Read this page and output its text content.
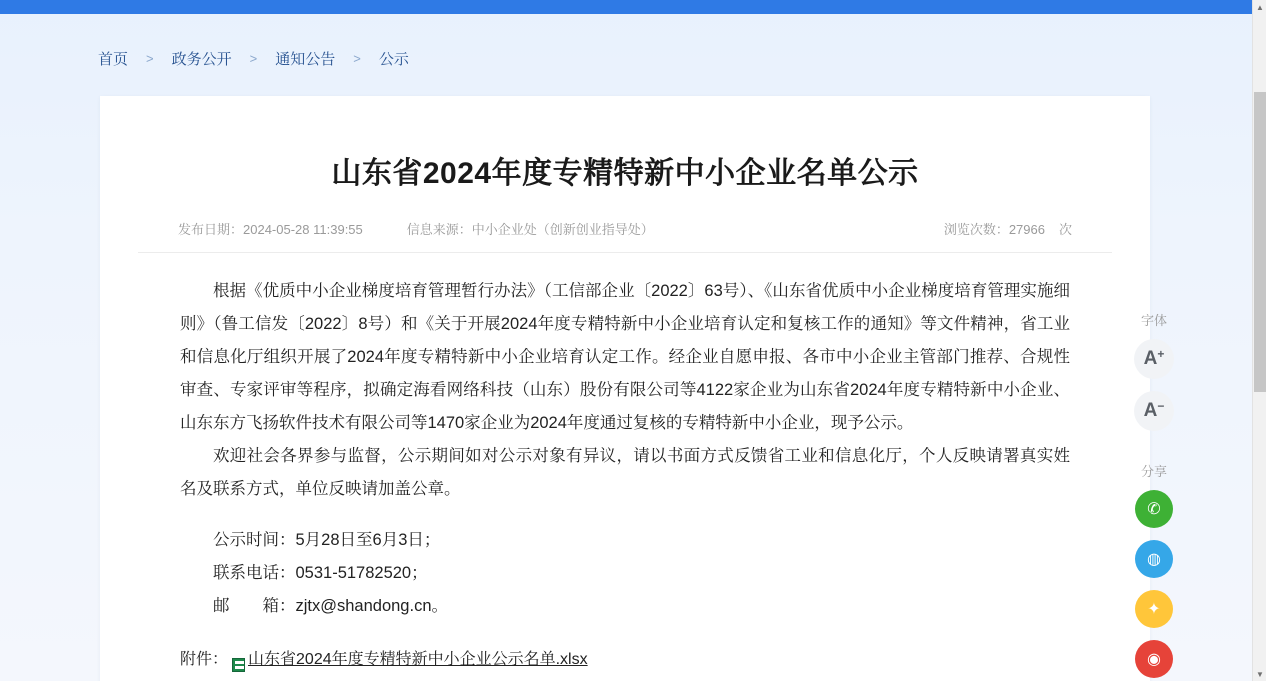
首页	>	政务公开	>	通知公告	>	公示
山东省2024年度专精特新中小企业名单公示
发布日期：2024-05-28 11:39:55	信息来源：中小企业处（创新创业指导处）	浏览次数：27966 次

根据《优质中小企业梯度培育管理暂行办法》（工信部企业〔2022〕63号）、《山东省优质中小企业梯度培育管理实施细则》（鲁工信发〔2022〕8号）和《关于开展2024年度专精特新中小企业培育认定和复核工作的通知》等文件精神，省工业和信息化厅组织开展了2024年度专精特新中小企业培育认定工作。经企业自愿申报、各市中小企业主管部门推荐、合规性审查、专家评审等程序，拟确定海看网络科技（山东）股份有限公司等4122家企业为山东省2024年度专精特新中小企业、山东东方飞扬软件技术有限公司等1470家企业为2024年度通过复核的专精特新中小企业，现予公示。

欢迎社会各界参与监督，公示期间如对公示对象有异议，请以书面方式反馈省工业和信息化厅，个人反映请署真实姓名及联系方式，单位反映请加盖公章。

公示时间：5月28日至6月3日；

联系电话：0531-51782520；

邮　　箱：zjtx@shandong.cn。

附件： 山东省2024年度专精特新中小企业公示名单.xlsx
字体
A +
A −
分享
✆
◍
✦
◉
▲
▼
